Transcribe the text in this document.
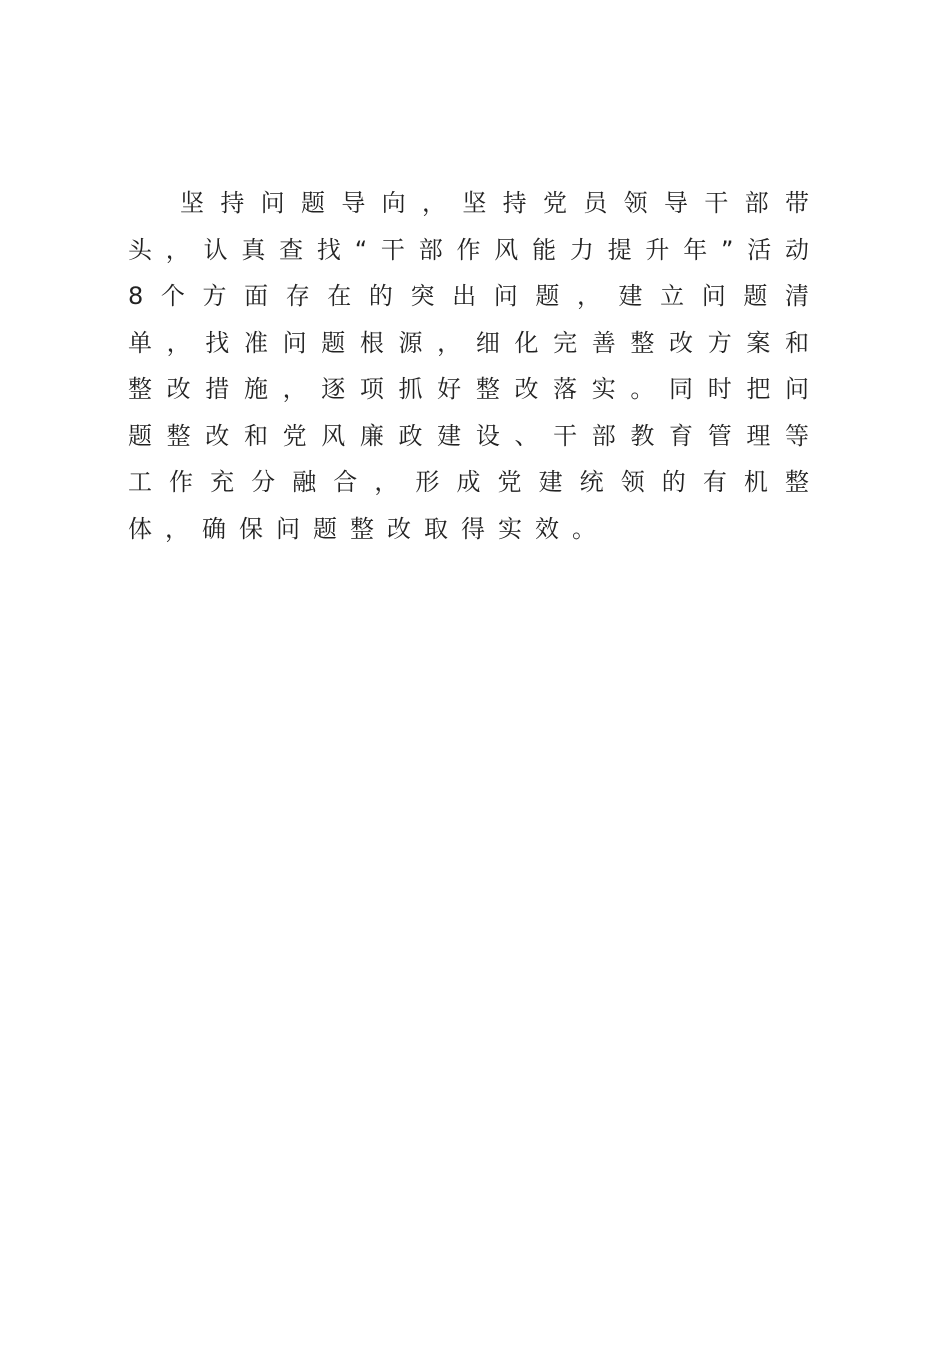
坚持问题导向，坚持党员领导干部带头，认真查找“干部作风能力提升年”活动8个方面存在的突出问题，建立问题清单，找准问题根源，细化完善整改方案和整改措施，逐项抓好整改落实。同时把问题整改和党风廉政建设、干部教育管理等工作充分融合，形成党建统领的有机整体，确保问题整改取得实效。
